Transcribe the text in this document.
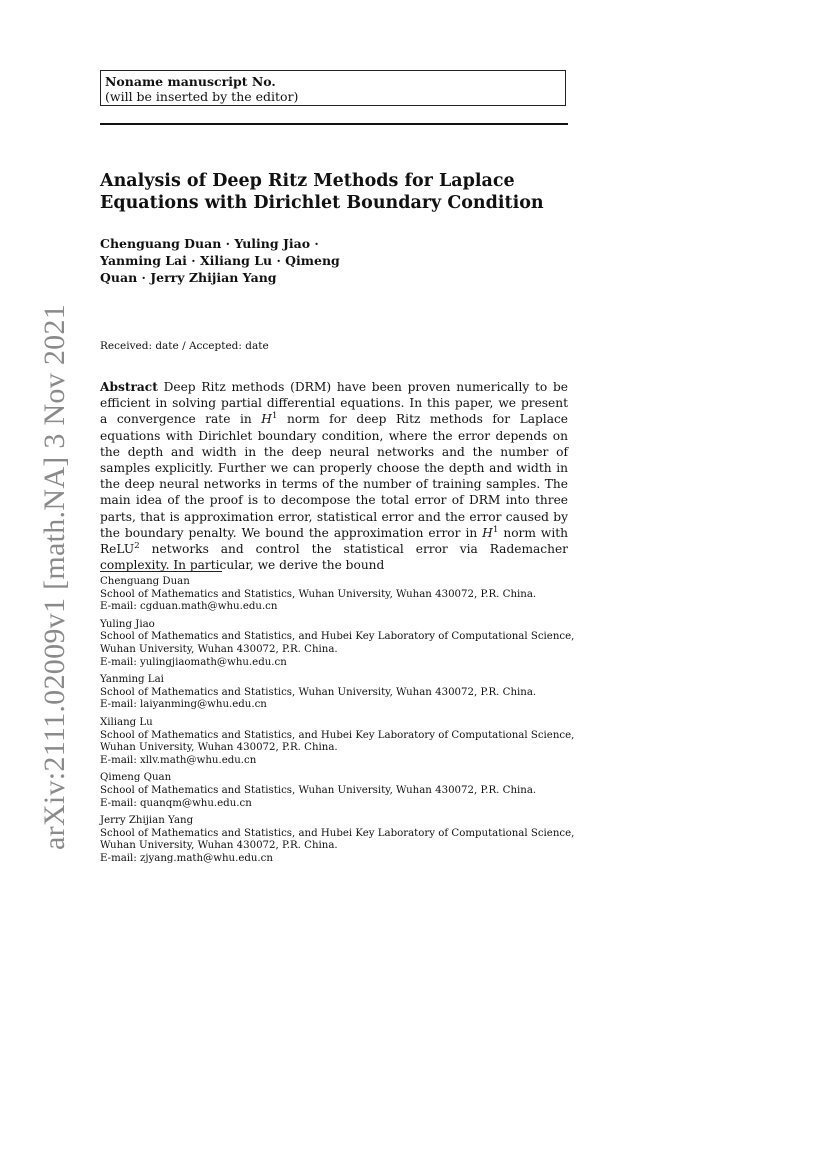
Noname manuscript No.
(will be inserted by the editor)
Analysis of Deep Ritz Methods for Laplace
Equations with Dirichlet Boundary Condition
Chenguang Duan · Yuling Jiao ·
Yanming Lai · Xiliang Lu · Qimeng
Quan · Jerry Zhijian Yang
Received: date / Accepted: date

Abstract Deep Ritz methods (DRM) have been proven numerically to be efficient in solving partial differential equations. In this paper, we present a convergence rate in $H^1$ norm for deep Ritz methods for Laplace equations with Dirichlet boundary condition, where the error depends on the depth and width in the deep neural networks and the number of samples explicitly. Further we can properly choose the depth and width in the deep neural networks in terms of the number of training samples. The main idea of the proof is to decompose the total error of DRM into three parts, that is approximation error, statistical error and the error caused by the boundary penalty. We bound the approximation error in $H^1$ norm with ReLU$^2$ networks and control the statistical error via Rademacher complexity. In particular, we derive the bound

Chenguang Duan
School of Mathematics and Statistics, Wuhan University, Wuhan 430072, P.R. China.
E-mail: cgduan.math@whu.edu.cn
Yuling Jiao
School of Mathematics and Statistics, and Hubei Key Laboratory of Computational Science,
Wuhan University, Wuhan 430072, P.R. China.
E-mail: yulingjiaomath@whu.edu.cn
Yanming Lai
School of Mathematics and Statistics, Wuhan University, Wuhan 430072, P.R. China.
E-mail: laiyanming@whu.edu.cn
Xiliang Lu
School of Mathematics and Statistics, and Hubei Key Laboratory of Computational Science,
Wuhan University, Wuhan 430072, P.R. China.
E-mail: xllv.math@whu.edu.cn
Qimeng Quan
School of Mathematics and Statistics, Wuhan University, Wuhan 430072, P.R. China.
E-mail: quanqm@whu.edu.cn
Jerry Zhijian Yang
School of Mathematics and Statistics, and Hubei Key Laboratory of Computational Science,
Wuhan University, Wuhan 430072, P.R. China.
E-mail: zjyang.math@whu.edu.cn
arXiv:2111.02009v1 [math.NA] 3 Nov 2021
